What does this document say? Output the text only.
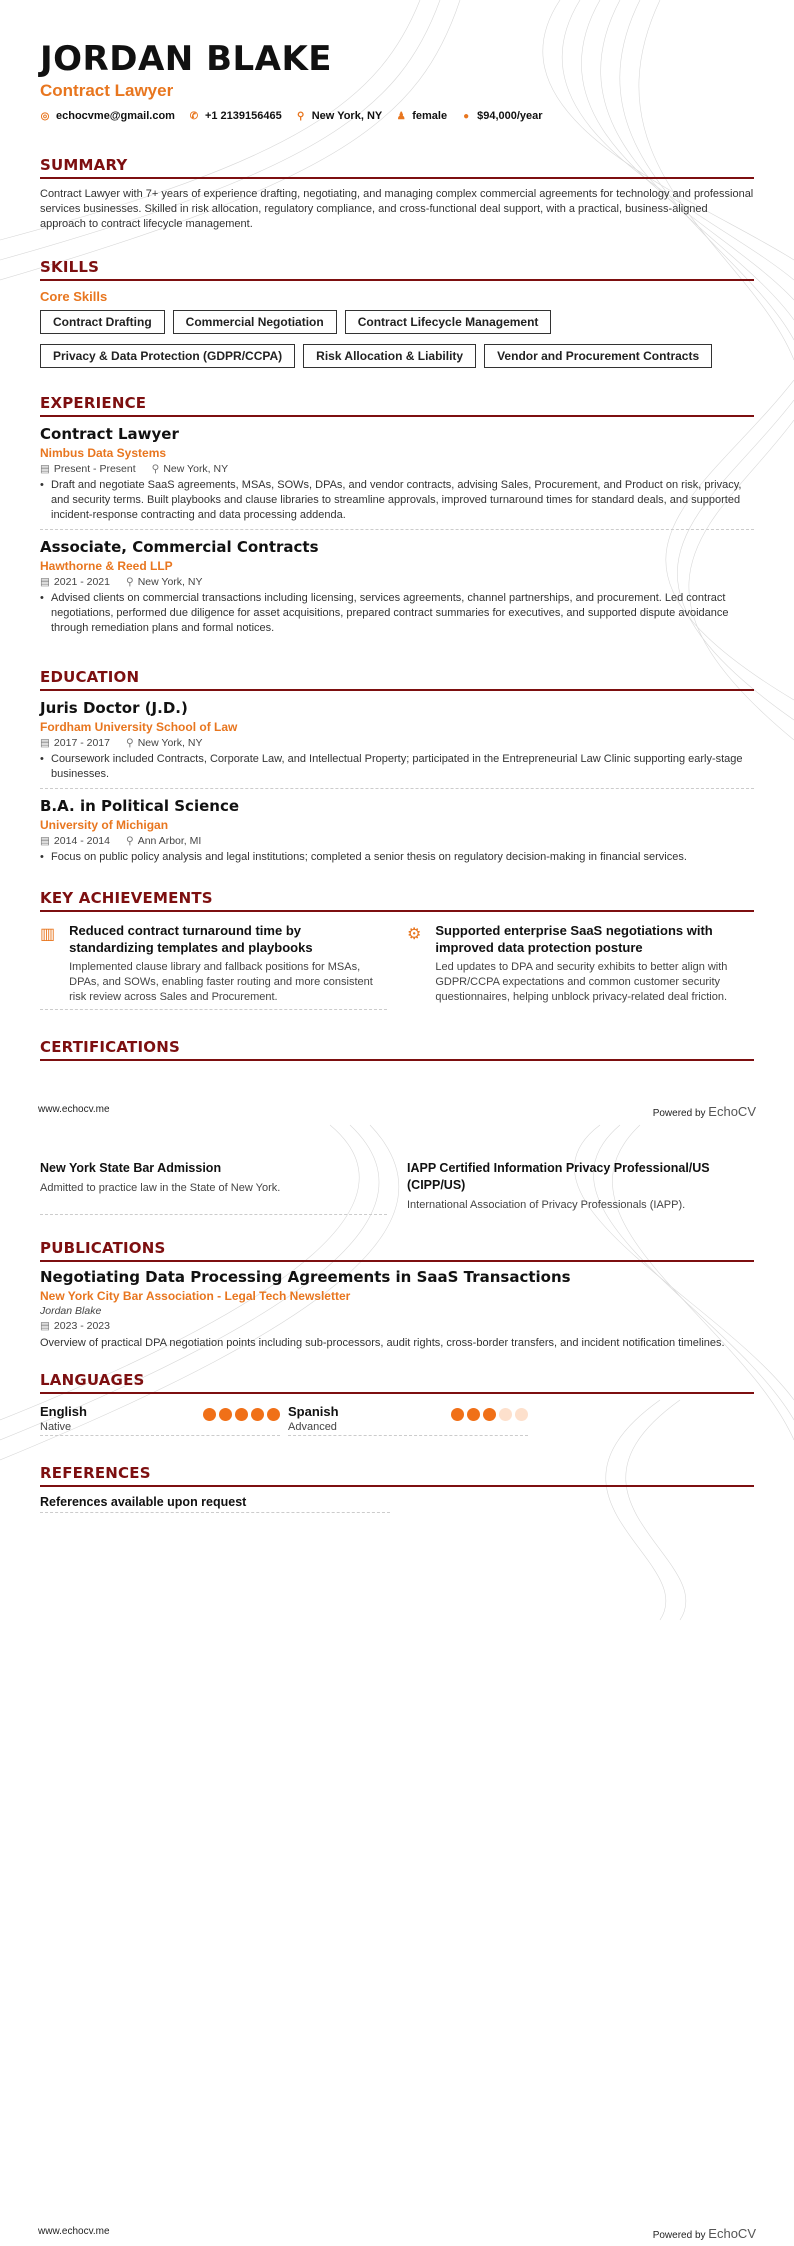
JORDAN BLAKE
Contract Lawyer
◎ echocvme@gmail.com ✆ +1 2139156465 ⚲ New York, NY ♟ female ● $94,000/year
SUMMARY
Contract Lawyer with 7+ years of experience drafting, negotiating, and managing complex commercial agreements for technology and professional services businesses. Skilled in risk allocation, regulatory compliance, and cross-functional deal support, with a practical, business-aligned approach to contract lifecycle management.
SKILLS
Core Skills
Contract Drafting	Commercial Negotiation	Contract Lifecycle Management
Privacy & Data Protection (GDPR/CCPA)	Risk Allocation & Liability	Vendor and Procurement Contracts
EXPERIENCE
Contract Lawyer
Nimbus Data Systems
▤ Present - Present ⚲ New York, NY
• Draft and negotiate SaaS agreements, MSAs, SOWs, DPAs, and vendor contracts, advising Sales, Procurement, and Product on risk, privacy, and security terms. Built playbooks and clause libraries to streamline approvals, improved turnaround times for standard deals, and supported incident-response contracting and data processing addenda.
Associate, Commercial Contracts
Hawthorne & Reed LLP
▤ 2021 - 2021 ⚲ New York, NY
• Advised clients on commercial transactions including licensing, services agreements, channel partnerships, and procurement. Led contract negotiations, performed due diligence for asset acquisitions, prepared contract summaries for executives, and supported dispute avoidance through remediation plans and formal notices.
EDUCATION
Juris Doctor (J.D.)
Fordham University School of Law
▤ 2017 - 2017 ⚲ New York, NY
• Coursework included Contracts, Corporate Law, and Intellectual Property; participated in the Entrepreneurial Law Clinic supporting early-stage businesses.
B.A. in Political Science
University of Michigan
▤ 2014 - 2014 ⚲ Ann Arbor, MI
• Focus on public policy analysis and legal institutions; completed a senior thesis on regulatory decision-making in financial services.
KEY ACHIEVEMENTS
▥ Reduced contract turnaround time by standardizing templates and playbooks
Implemented clause library and fallback positions for MSAs, DPAs, and SOWs, enabling faster routing and more consistent risk review across Sales and Procurement.
⚙ Supported enterprise SaaS negotiations with improved data protection posture
Led updates to DPA and security exhibits to better align with GDPR/CCPA expectations and common customer security questionnaires, helping unblock privacy-related deal friction.
CERTIFICATIONS
www.echocv.me	Powered by EchoCV
New York State Bar Admission
Admitted to practice law in the State of New York.
IAPP Certified Information Privacy Professional/US (CIPP/US)
International Association of Privacy Professionals (IAPP).
PUBLICATIONS
Negotiating Data Processing Agreements in SaaS Transactions
New York City Bar Association - Legal Tech Newsletter
Jordan Blake
▤ 2023 - 2023
Overview of practical DPA negotiation points including sub-processors, audit rights, cross-border transfers, and incident notification timelines.
LANGUAGES
English
Native
Spanish
Advanced
REFERENCES
References available upon request
www.echocv.me	Powered by EchoCV
